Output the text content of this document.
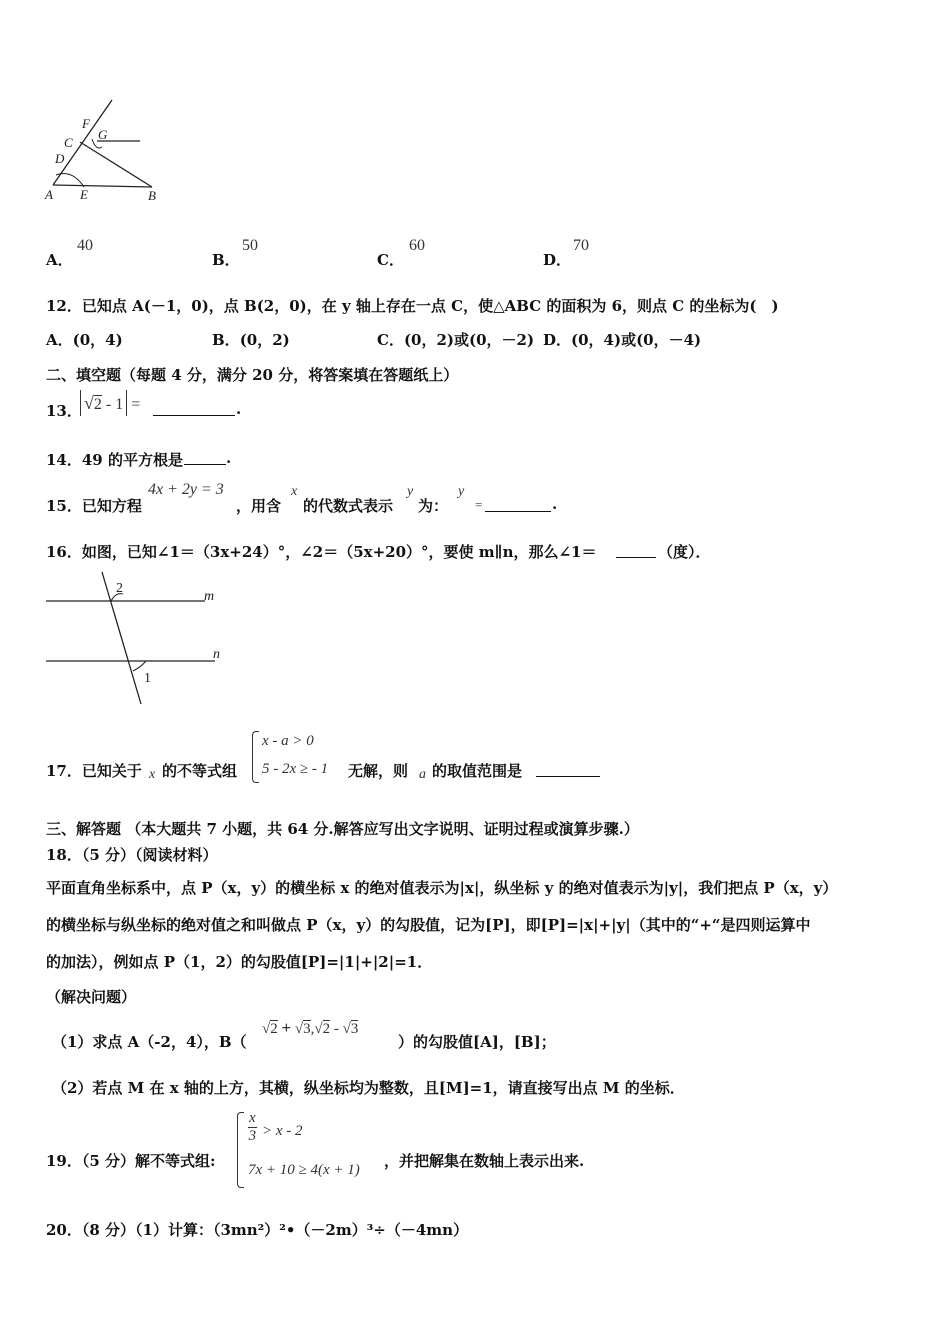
A E	B
D
C
F
G
A．
40
B．
50
C．
60
D．
70
12．已知点 A(－1，0)，点 B(2，0)，在 y 轴上存在一点 C，使△ABC 的面积为 6，则点 C 的坐标为(　)
A．(0，4)	B．(0，2)	C．(0，2)或(0，－2) D．(0，4)或(0，－4)
二、填空题（每题 4 分，满分 20 分，将答案填在答题纸上）
13． √2 - 1 =	.
14．49 的平方根是	.
15．已知方程
4x + 2y = 3
，用含
x
的代数式表示
y
为：
y
=	.
16．如图，已知∠1＝（3x+24）°，∠2＝（5x+20）°，要使 m∥n，那么∠1＝	（度）．
2
m
n
1
17．已知关于 x 的不等式组
x - a > 0
5 - 2x ≥ - 1 无解，则 a 的取值范围是
三、解答题 （本大题共 7 小题，共 64 分.解答应写出文字说明、证明过程或演算步骤.）
18．（5 分）（阅读材料）
平面直角坐标系中，点 P（x，y）的横坐标 x 的绝对值表示为|x|，纵坐标 y 的绝对值表示为|y|，我们把点 P（x，y）
的横坐标与纵坐标的绝对值之和叫做点 P（x，y）的勾股值，记为[P]，即[P]=|x|+|y|（其中的“+“是四则运算中
的加法），例如点 P（1，2）的勾股值[P]=|1|+|2|=1．
（解决问题）
（1）求点 A（-2，4），B（
√2 + √3,√2 - √3
）的勾股值[A]，[B]；
（2）若点 M 在 x 轴的上方，其横，纵坐标均为整数，且[M]=1，请直接写出点 M 的坐标．
19．（5 分）解不等式组:
x
3 > x - 2
7x + 10 ≥ 4(x + 1) ，并把解集在数轴上表示出来.
20．（8 分）（1）计算：（3mn²）²•（－2m）³÷（－4mn）
